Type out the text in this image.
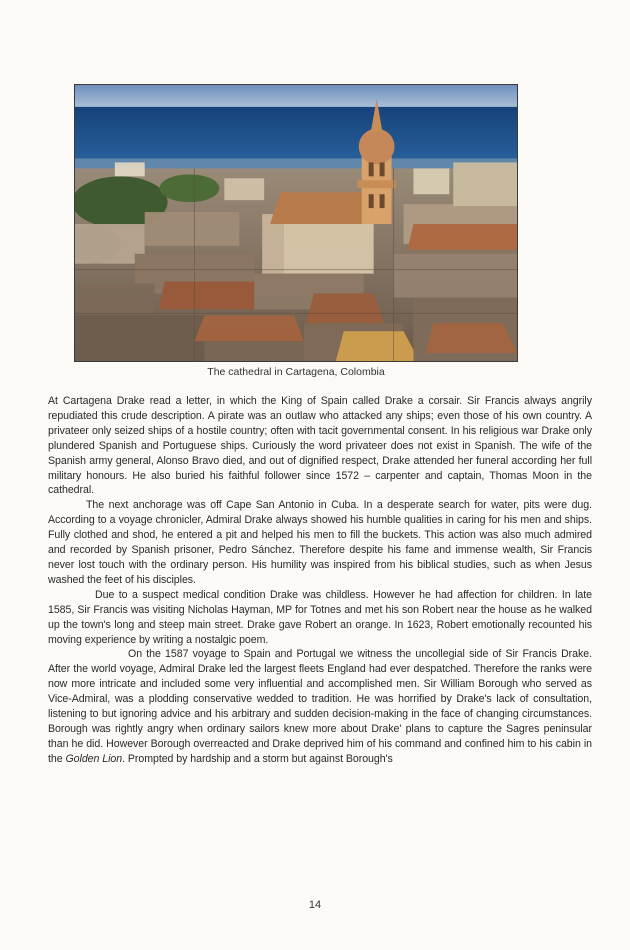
The cathedral in Cartagena, Colombia

At Cartagena Drake read a letter, in which the King of Spain called Drake a corsair. Sir Francis always angrily repudiated this crude description. A pirate was an outlaw who attacked any ships; even those of his own country. A privateer only seized ships of a hostile country; often with tacit governmental consent. In his religious war Drake only plundered Spanish and Portuguese ships. Curiously the word privateer does not exist in Spanish. The wife of the Spanish army general, Alonso Bravo died, and out of dignified respect, Drake attended her funeral according her full military honours. He also buried his faithful follower since 1572 – carpenter and captain, Thomas Moon in the cathedral.

The next anchorage was off Cape San Antonio in Cuba. In a desperate search for water, pits were dug. According to a voyage chronicler, Admiral Drake always showed his humble qualities in caring for his men and ships. Fully clothed and shod, he entered a pit and helped his men to fill the buckets. This action was also much admired and recorded by Spanish prisoner, Pedro Sánchez. Therefore despite his fame and immense wealth, Sir Francis never lost touch with the ordinary person. His humility was inspired from his biblical studies, such as when Jesus washed the feet of his disciples.

Due to a suspect medical condition Drake was childless. However he had affection for children. In late 1585, Sir Francis was visiting Nicholas Hayman, MP for Totnes and met his son Robert near the house as he walked up the town's long and steep main street. Drake gave Robert an orange. In 1623, Robert emotionally recounted his moving experience by writing a nostalgic poem.

On the 1587 voyage to Spain and Portugal we witness the uncollegial side of Sir Francis Drake. After the world voyage, Admiral Drake led the largest fleets England had ever despatched. Therefore the ranks were now more intricate and included some very influential and accomplished men. Sir William Borough who served as Vice-Admiral, was a plodding conservative wedded to tradition. He was horrified by Drake's lack of consultation, listening to but ignoring advice and his arbitrary and sudden decision-making in the face of changing circumstances. Borough was rightly angry when ordinary sailors knew more about Drake' plans to capture the Sagres peninsular than he did. However Borough overreacted and Drake deprived him of his command and confined him to his cabin in the Golden Lion. Prompted by hardship and a storm but against Borough's

14
